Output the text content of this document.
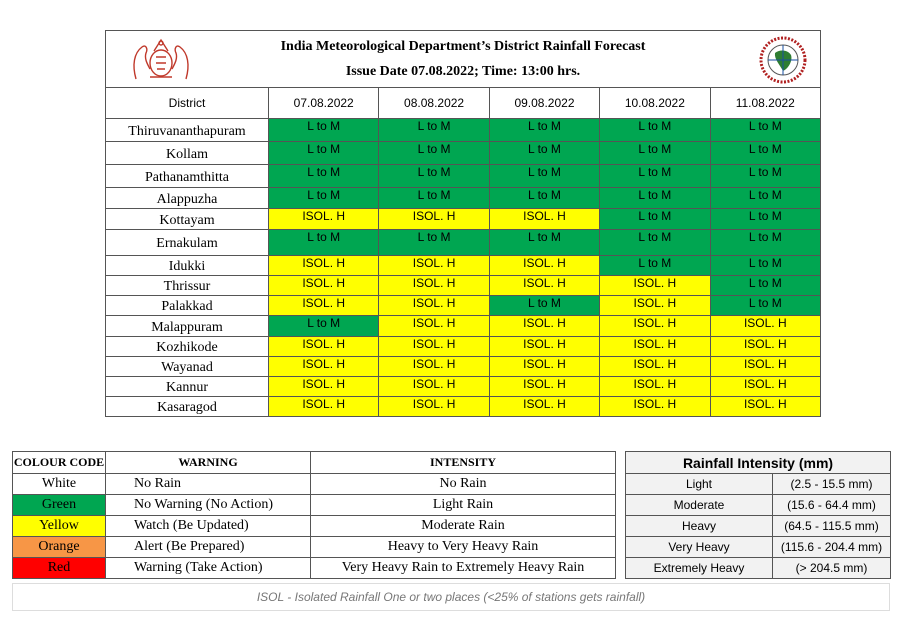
India Meteorological Department’s District Rainfall Forecast
Issue Date 07.08.2022; Time: 13:00 hrs.
District	07.08.2022	08.08.2022	09.08.2022	10.08.2022	11.08.2022
Thiruvananthapuram	L to M	L to M	L to M	L to M	L to M
Kollam	L to M	L to M	L to M	L to M	L to M
Pathanamthitta	L to M	L to M	L to M	L to M	L to M
Alappuzha	L to M	L to M	L to M	L to M	L to M
Kottayam	ISOL. H	ISOL. H	ISOL. H	L to M	L to M
Ernakulam	L to M	L to M	L to M	L to M	L to M
Idukki	ISOL. H	ISOL. H	ISOL. H	L to M	L to M
Thrissur	ISOL. H	ISOL. H	ISOL. H	ISOL. H	L to M
Palakkad	ISOL. H	ISOL. H	L to M	ISOL. H	L to M
Malappuram	L to M	ISOL. H	ISOL. H	ISOL. H	ISOL. H
Kozhikode	ISOL. H	ISOL. H	ISOL. H	ISOL. H	ISOL. H
Wayanad	ISOL. H	ISOL. H	ISOL. H	ISOL. H	ISOL. H
Kannur	ISOL. H	ISOL. H	ISOL. H	ISOL. H	ISOL. H
Kasaragod	ISOL. H	ISOL. H	ISOL. H	ISOL. H	ISOL. H
COLOUR CODE	WARNING	INTENSITY
White	No Rain	No Rain
Green	No Warning (No Action)	Light Rain
Yellow	Watch (Be Updated)	Moderate Rain
Orange	Alert (Be Prepared)	Heavy to Very Heavy Rain
Red	Warning (Take Action)	Very Heavy Rain to Extremely Heavy Rain
Rainfall Intensity (mm)	
Light	(2.5 - 15.5 mm)
Moderate	(15.6 - 64.4 mm)
Heavy	(64.5 - 115.5 mm)
Very Heavy	(115.6 - 204.4 mm)
Extremely Heavy	(> 204.5 mm)
ISOL - Isolated Rainfall One or two places (<25% of stations gets rainfall)
